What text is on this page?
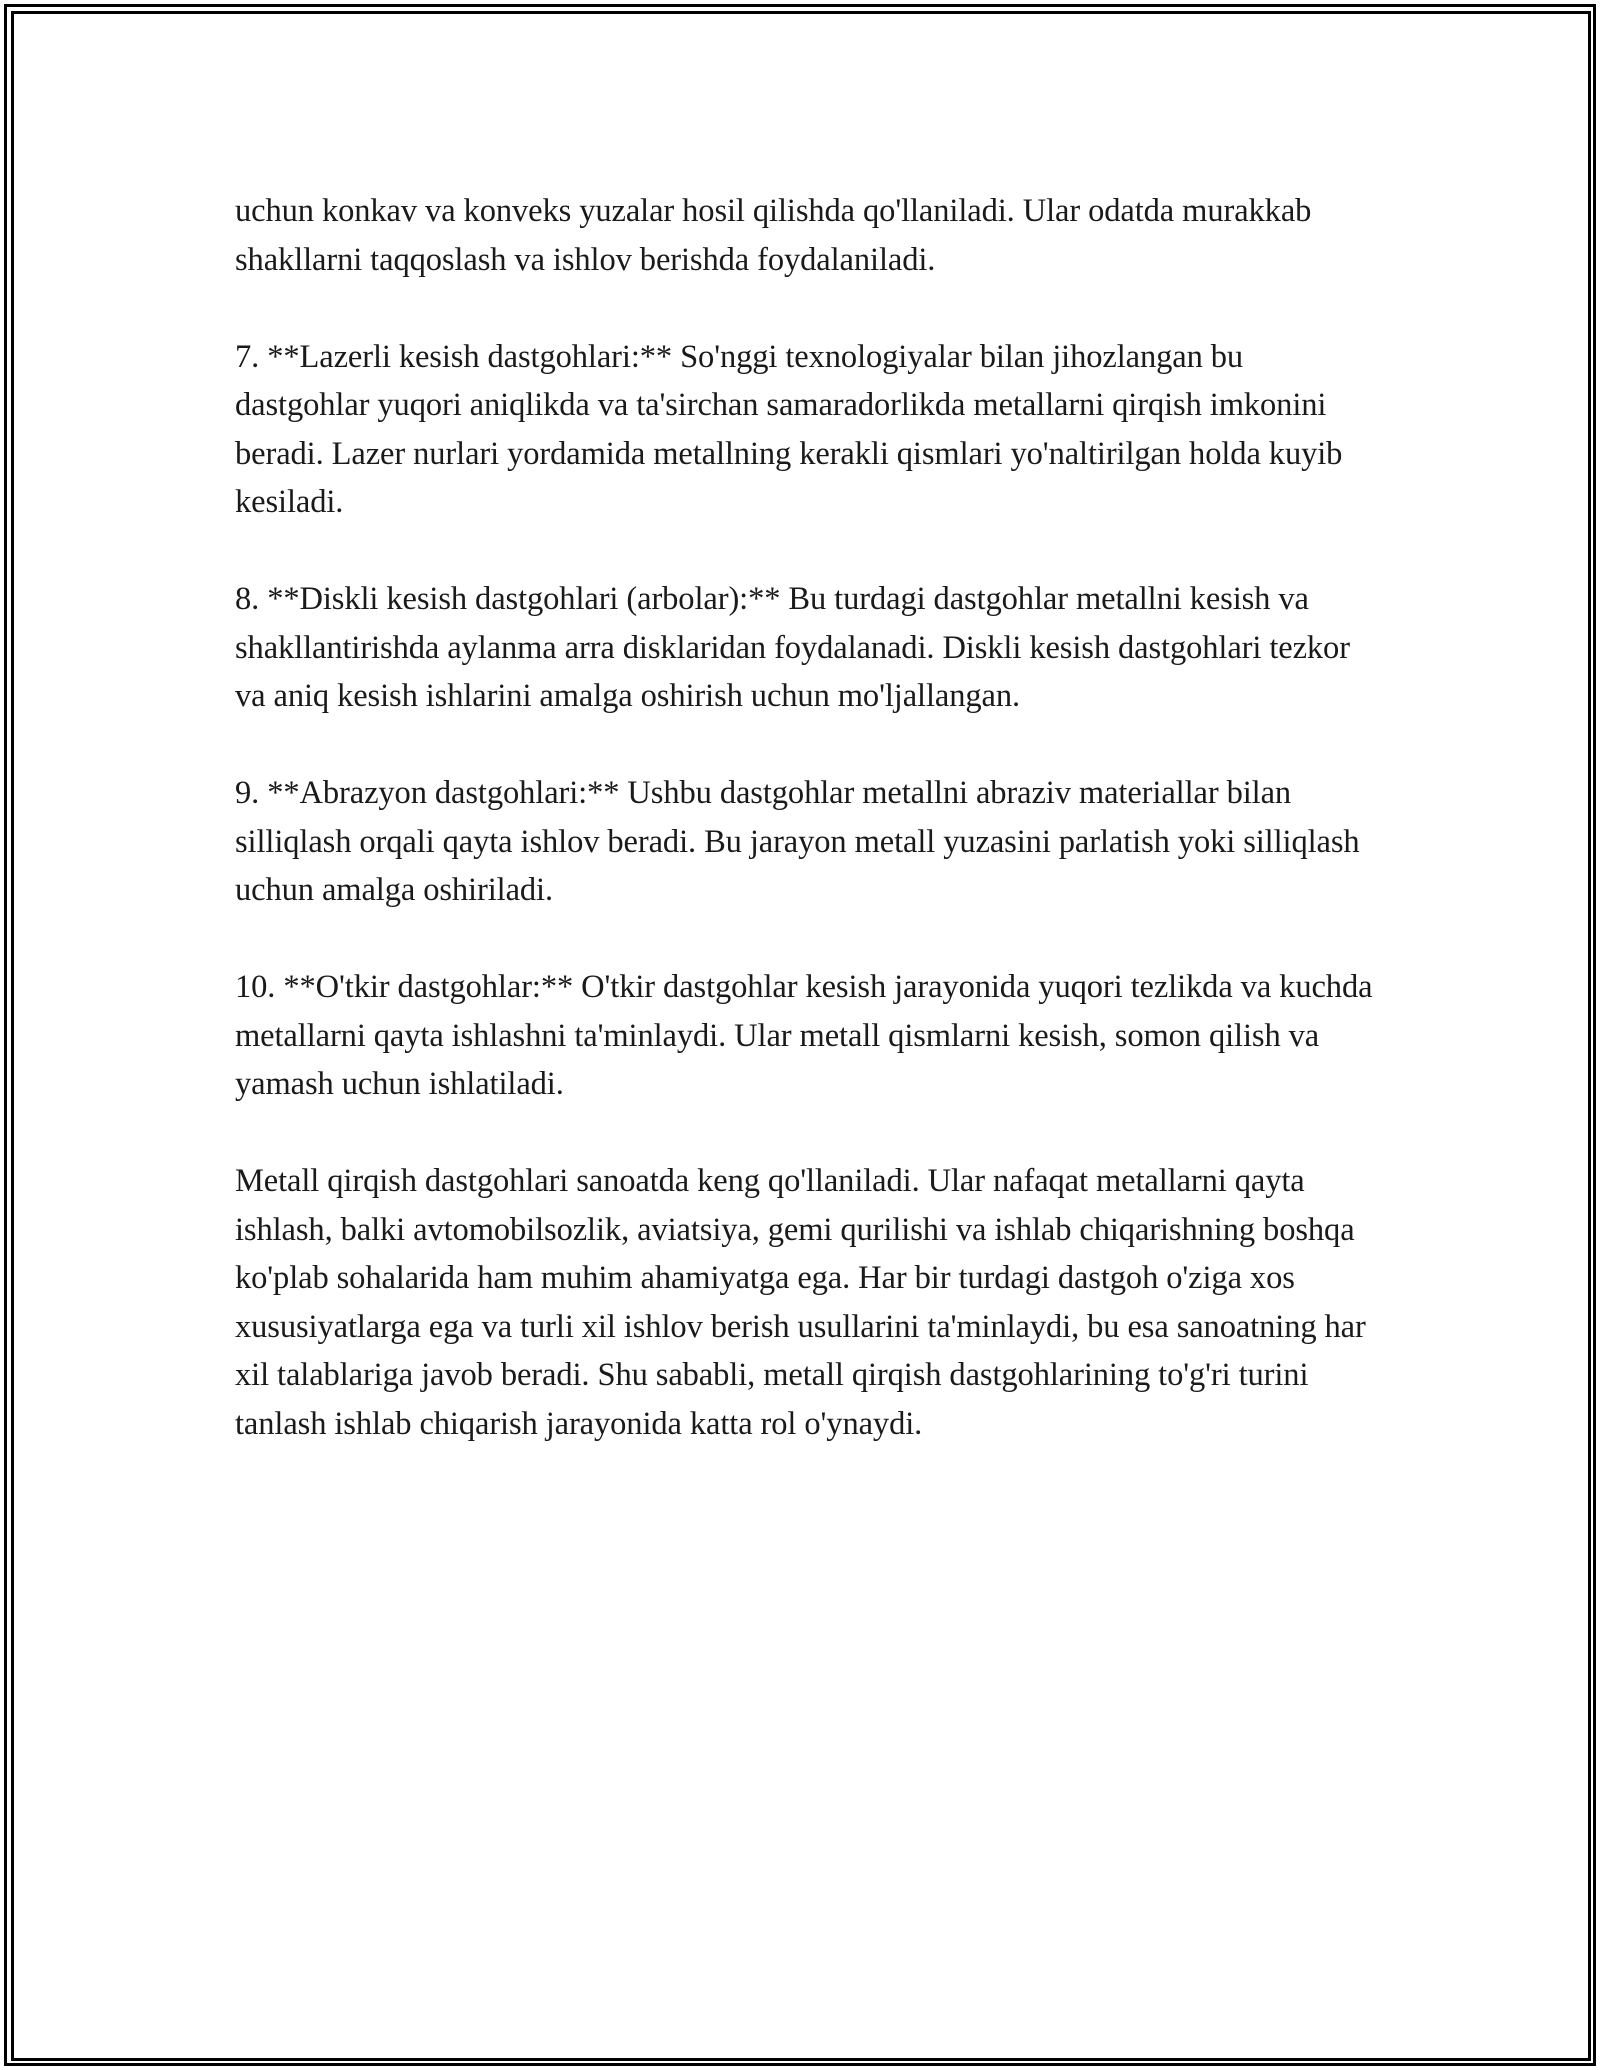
uchun konkav va konveks yuzalar hosil qilishda qo'llaniladi. Ular odatda murakkab shakllarni taqqoslash va ishlov berishda foydalaniladi.

7. **Lazerli kesish dastgohlari:** So'nggi texnologiyalar bilan jihozlangan bu dastgohlar yuqori aniqlikda va ta'sirchan samaradorlikda metallarni qirqish imkonini beradi. Lazer nurlari yordamida metallning kerakli qismlari yo'naltirilgan holda kuyib kesiladi.

8. **Diskli kesish dastgohlari (arbolar):** Bu turdagi dastgohlar metallni kesish va shakllantirishda aylanma arra disklaridan foydalanadi. Diskli kesish dastgohlari tezkor va aniq kesish ishlarini amalga oshirish uchun mo'ljallangan.

9. **Abrazyon dastgohlari:** Ushbu dastgohlar metallni abraziv materiallar bilan silliqlash orqali qayta ishlov beradi. Bu jarayon metall yuzasini parlatish yoki silliqlash uchun amalga oshiriladi.

10. **O'tkir dastgohlar:** O'tkir dastgohlar kesish jarayonida yuqori tezlikda va kuchda metallarni qayta ishlashni ta'minlaydi. Ular metall qismlarni kesish, somon qilish va yamash uchun ishlatiladi.

Metall qirqish dastgohlari sanoatda keng qo'llaniladi. Ular nafaqat metallarni qayta ishlash, balki avtomobilsozlik, aviatsiya, gemi qurilishi va ishlab chiqarishning boshqa ko'plab sohalarida ham muhim ahamiyatga ega. Har bir turdagi dastgoh o'ziga xos xususiyatlarga ega va turli xil ishlov berish usullarini ta'minlaydi, bu esa sanoatning har xil talablariga javob beradi. Shu sababli, metall qirqish dastgohlarining to'g'ri turini tanlash ishlab chiqarish jarayonida katta rol o'ynaydi.
